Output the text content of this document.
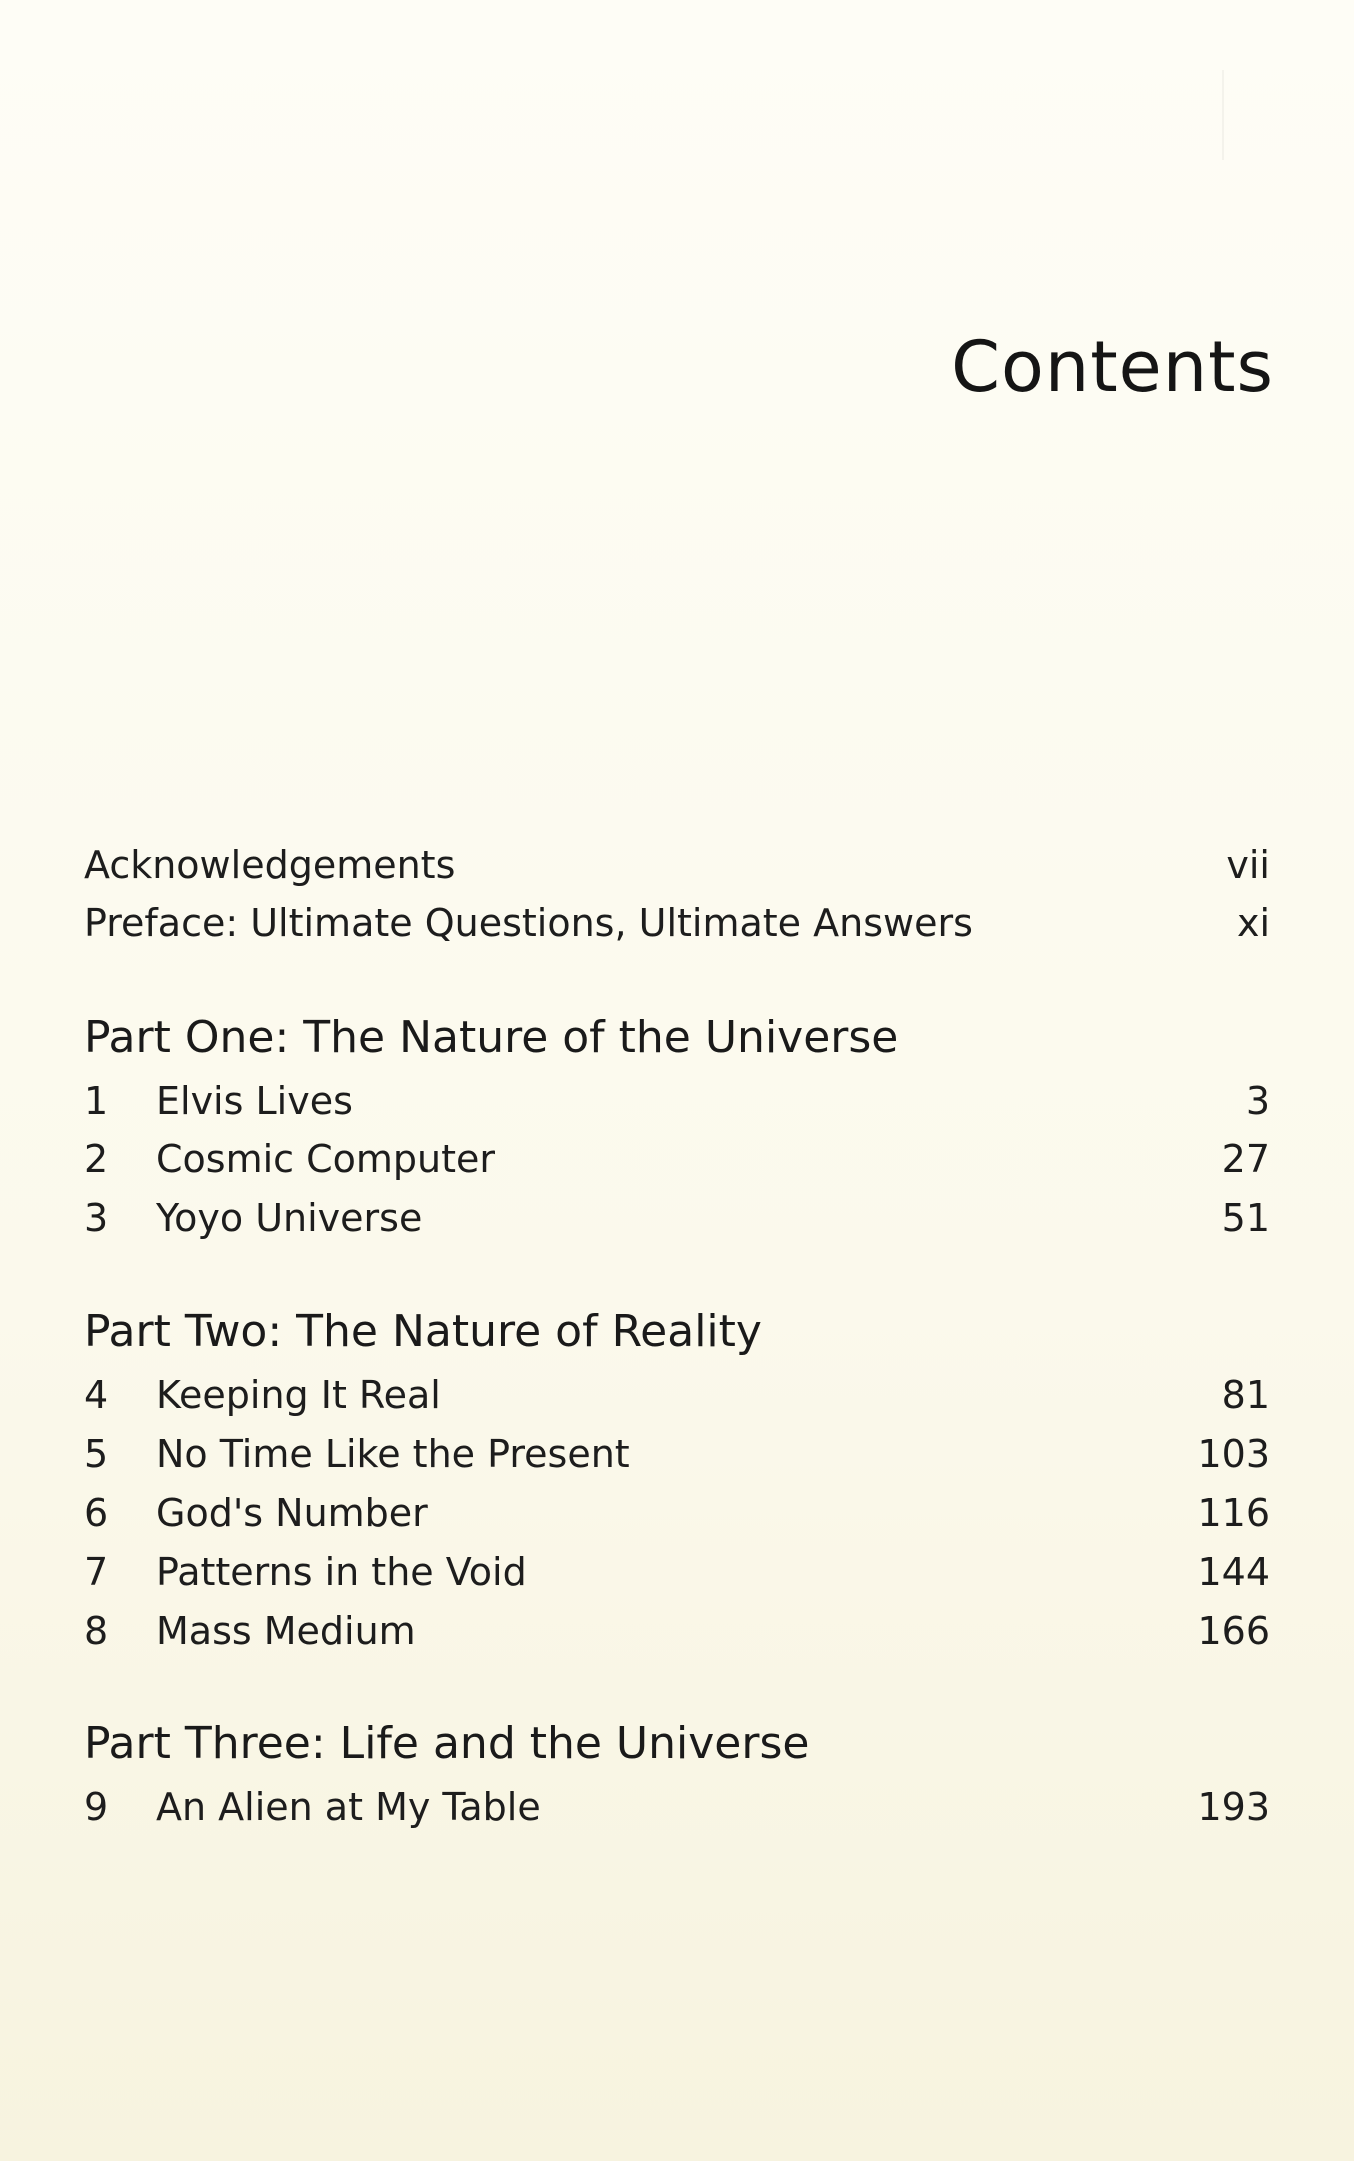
Contents
Acknowledgements	vii
Preface: Ultimate Questions, Ultimate Answers	xi
Part One: The Nature of the Universe
1	Elvis Lives	3
2	Cosmic Computer	27
3	Yoyo Universe	51
Part Two: The Nature of Reality
4	Keeping It Real	81
5	No Time Like the Present	103
6	God's Number	116
7	Patterns in the Void	144
8	Mass Medium	166
Part Three: Life and the Universe
9	An Alien at My Table	193
